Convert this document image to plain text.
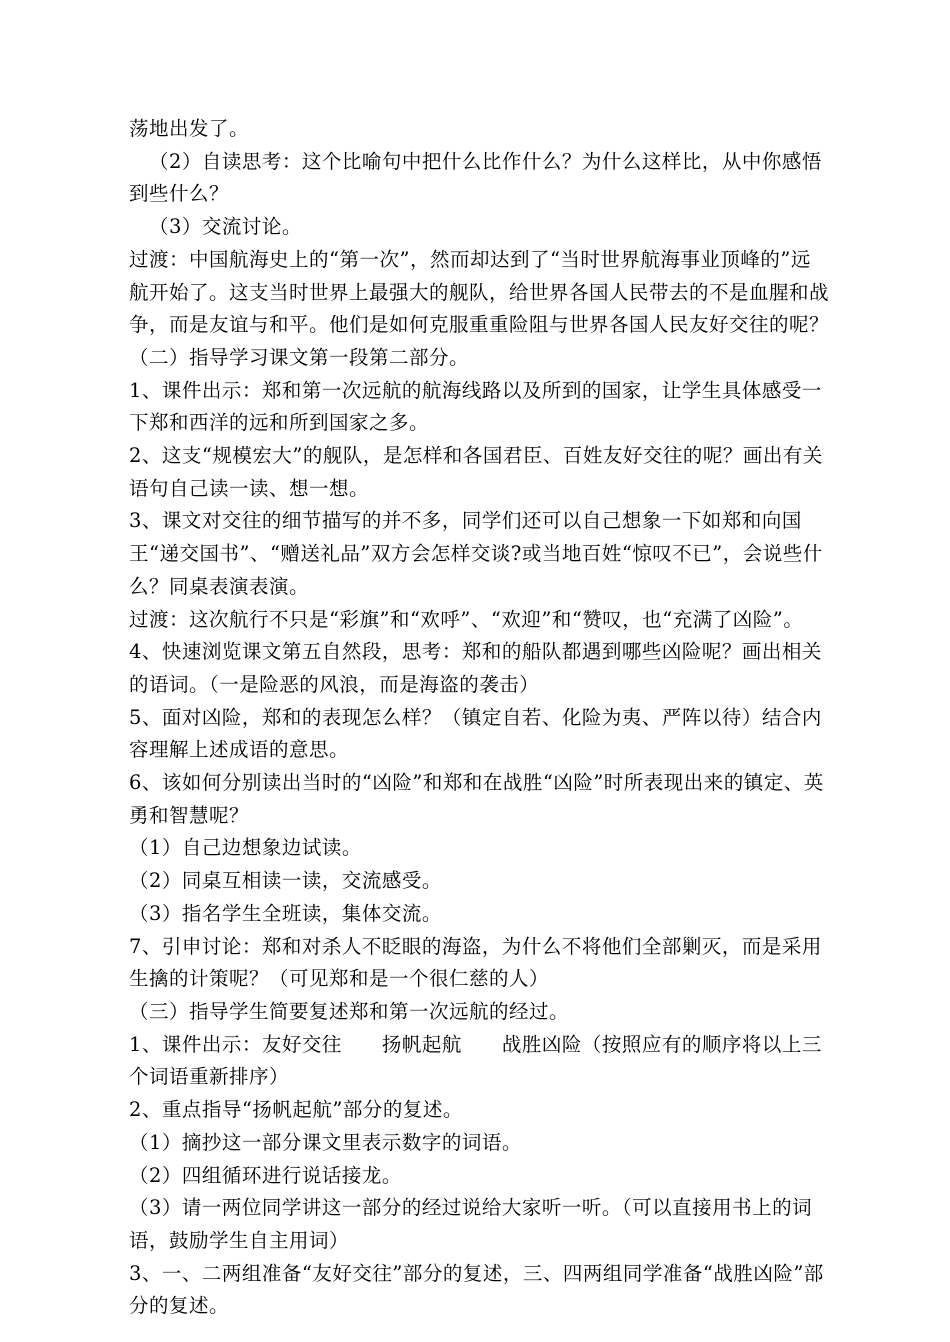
荡地出发了。

（2）自读思考：这个比喻句中把什么比作什么？为什么这样比，从中你感悟到些什么？

（3）交流讨论。

过渡：中国航海史上的“第一次”，然而却达到了“当时世界航海事业顶峰的”远航开始了。这支当时世界上最强大的舰队，给世界各国人民带去的不是血腥和战争，而是友谊与和平。他们是如何克服重重险阻与世界各国人民友好交往的呢？

（二）指导学习课文第一段第二部分。

1、课件出示：郑和第一次远航的航海线路以及所到的国家，让学生具体感受一下郑和西洋的远和所到国家之多。

2、这支“规模宏大”的舰队，是怎样和各国君臣、百姓友好交往的呢？画出有关语句自己读一读、想一想。

3、课文对交往的细节描写的并不多，同学们还可以自己想象一下如郑和向国王“递交国书”、“赠送礼品”双方会怎样交谈?或当地百姓“惊叹不已”，会说些什么？同桌表演表演。

过渡：这次航行不只是“彩旗”和“欢呼”、“欢迎”和“赞叹，也“充满了凶险”。

4、快速浏览课文第五自然段，思考：郑和的船队都遇到哪些凶险呢？画出相关的语词。（一是险恶的风浪，而是海盗的袭击）

5、面对凶险，郑和的表现怎么样？（镇定自若、化险为夷、严阵以待）结合内容理解上述成语的意思。

6、该如何分别读出当时的“凶险”和郑和在战胜“凶险”时所表现出来的镇定、英勇和智慧呢？

（1）自己边想象边试读。

（2）同桌互相读一读，交流感受。

（3）指名学生全班读，集体交流。

7、引申讨论：郑和对杀人不眨眼的海盗，为什么不将他们全部剿灭，而是采用生擒的计策呢？（可见郑和是一个很仁慈的人）

（三）指导学生简要复述郑和第一次远航的经过。

1、课件出示：友好交往　　扬帆起航　　战胜凶险（按照应有的顺序将以上三个词语重新排序）

2、重点指导“扬帆起航”部分的复述。

（1）摘抄这一部分课文里表示数字的词语。

（2）四组循环进行说话接龙。

（3）请一两位同学讲这一部分的经过说给大家听一听。（可以直接用书上的词语，鼓励学生自主用词）

3、一、二两组准备“友好交往”部分的复述，三、四两组同学准备“战胜凶险”部分的复述。
